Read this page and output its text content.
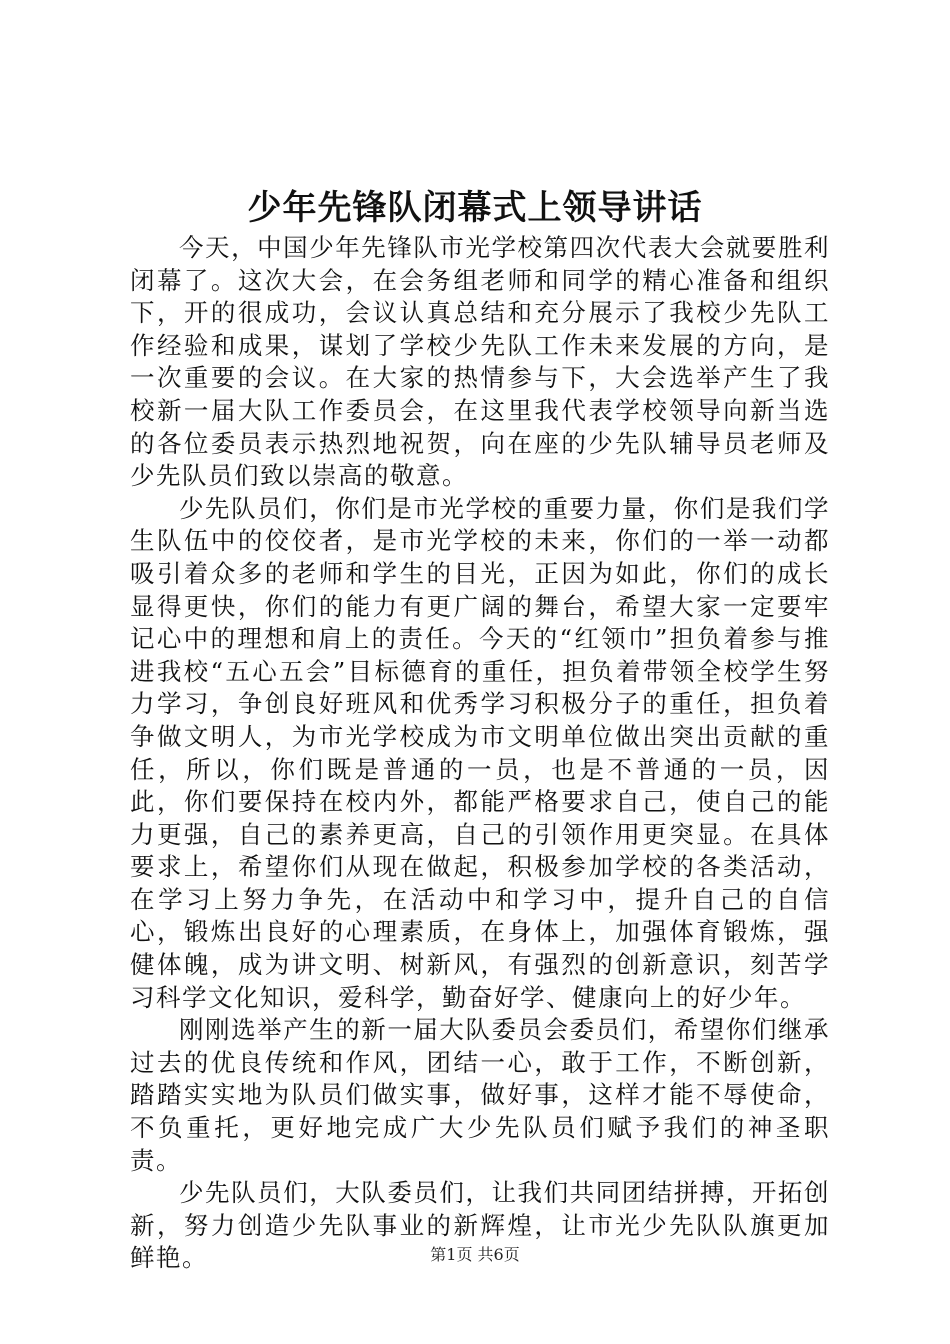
少年先锋队闭幕式上领导讲话

今天，中国少年先锋队市光学校第四次代表大会就要胜利闭幕了。这次大会，在会务组老师和同学的精心准备和组织下，开的很成功，会议认真总结和充分展示了我校少先队工作经验和成果，谋划了学校少先队工作未来发展的方向，是一次重要的会议。在大家的热情参与下，大会选举产生了我校新一届大队工作委员会，在这里我代表学校领导向新当选的各位委员表示热烈地祝贺，向在座的少先队辅导员老师及少先队员们致以崇高的敬意。

少先队员们，你们是市光学校的重要力量，你们是我们学生队伍中的佼佼者，是市光学校的未来，你们的一举一动都吸引着众多的老师和学生的目光，正因为如此，你们的成长显得更快，你们的能力有更广阔的舞台，希望大家一定要牢记心中的理想和肩上的责任。今天的“红领巾”担负着参与推进我校“五心五会”目标德育的重任，担负着带领全校学生努力学习，争创良好班风和优秀学习积极分子的重任，担负着争做文明人，为市光学校成为市文明单位做出突出贡献的重任，所以，你们既是普通的一员，也是不普通的一员，因此，你们要保持在校内外，都能严格要求自己，使自己的能力更强，自己的素养更高，自己的引领作用更突显。在具体要求上，希望你们从现在做起，积极参加学校的各类活动，在学习上努力争先，在活动中和学习中，提升自己的自信心，锻炼出良好的心理素质，在身体上，加强体育锻炼，强健体魄，成为讲文明、树新风，有强烈的创新意识，刻苦学习科学文化知识，爱科学，勤奋好学、健康向上的好少年。

刚刚选举产生的新一届大队委员会委员们，希望你们继承过去的优良传统和作风，团结一心，敢于工作，不断创新，踏踏实实地为队员们做实事，做好事，这样才能不辱使命，不负重托，更好地完成广大少先队员们赋予我们的神圣职责。

少先队员们，大队委员们，让我们共同团结拼搏，开拓创新，努力创造少先队事业的新辉煌，让市光少先队队旗更加鲜艳。	第1页 共6页
